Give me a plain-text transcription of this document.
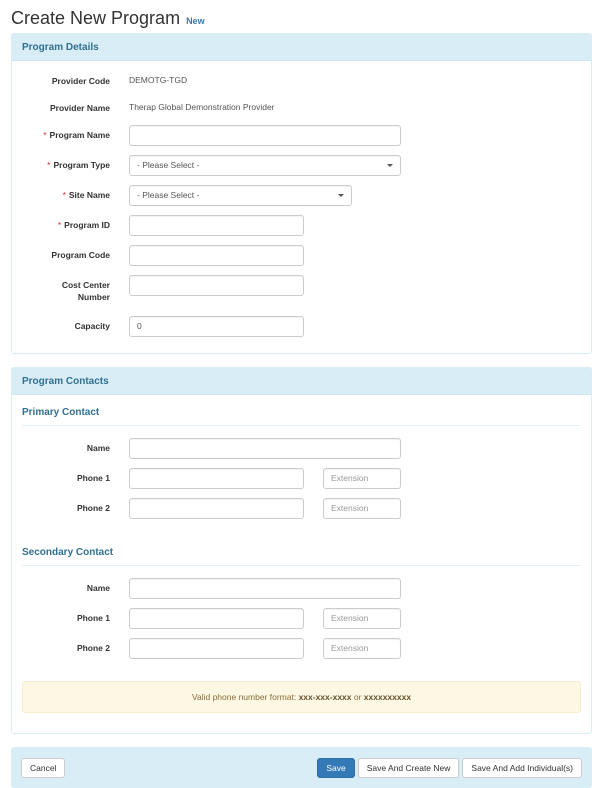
Create New Program New
Program Details
Provider Code DEMOTG-TGD
Provider Name Therap Global Demonstration Provider
* Program Name
* Program Type	- Please Select -
* Site Name	- Please Select -
* Program ID
Program Code
Cost Center Number
Capacity	0
Program Contacts
Primary Contact
Name
Phone 1	Extension
Phone 2	Extension
Secondary Contact
Name
Phone 1	Extension
Phone 2	Extension
Valid phone number format: xxx-xxx-xxxx or xxxxxxxxxx
Cancel	Save	Save And Create New	Save And Add Individual(s)
